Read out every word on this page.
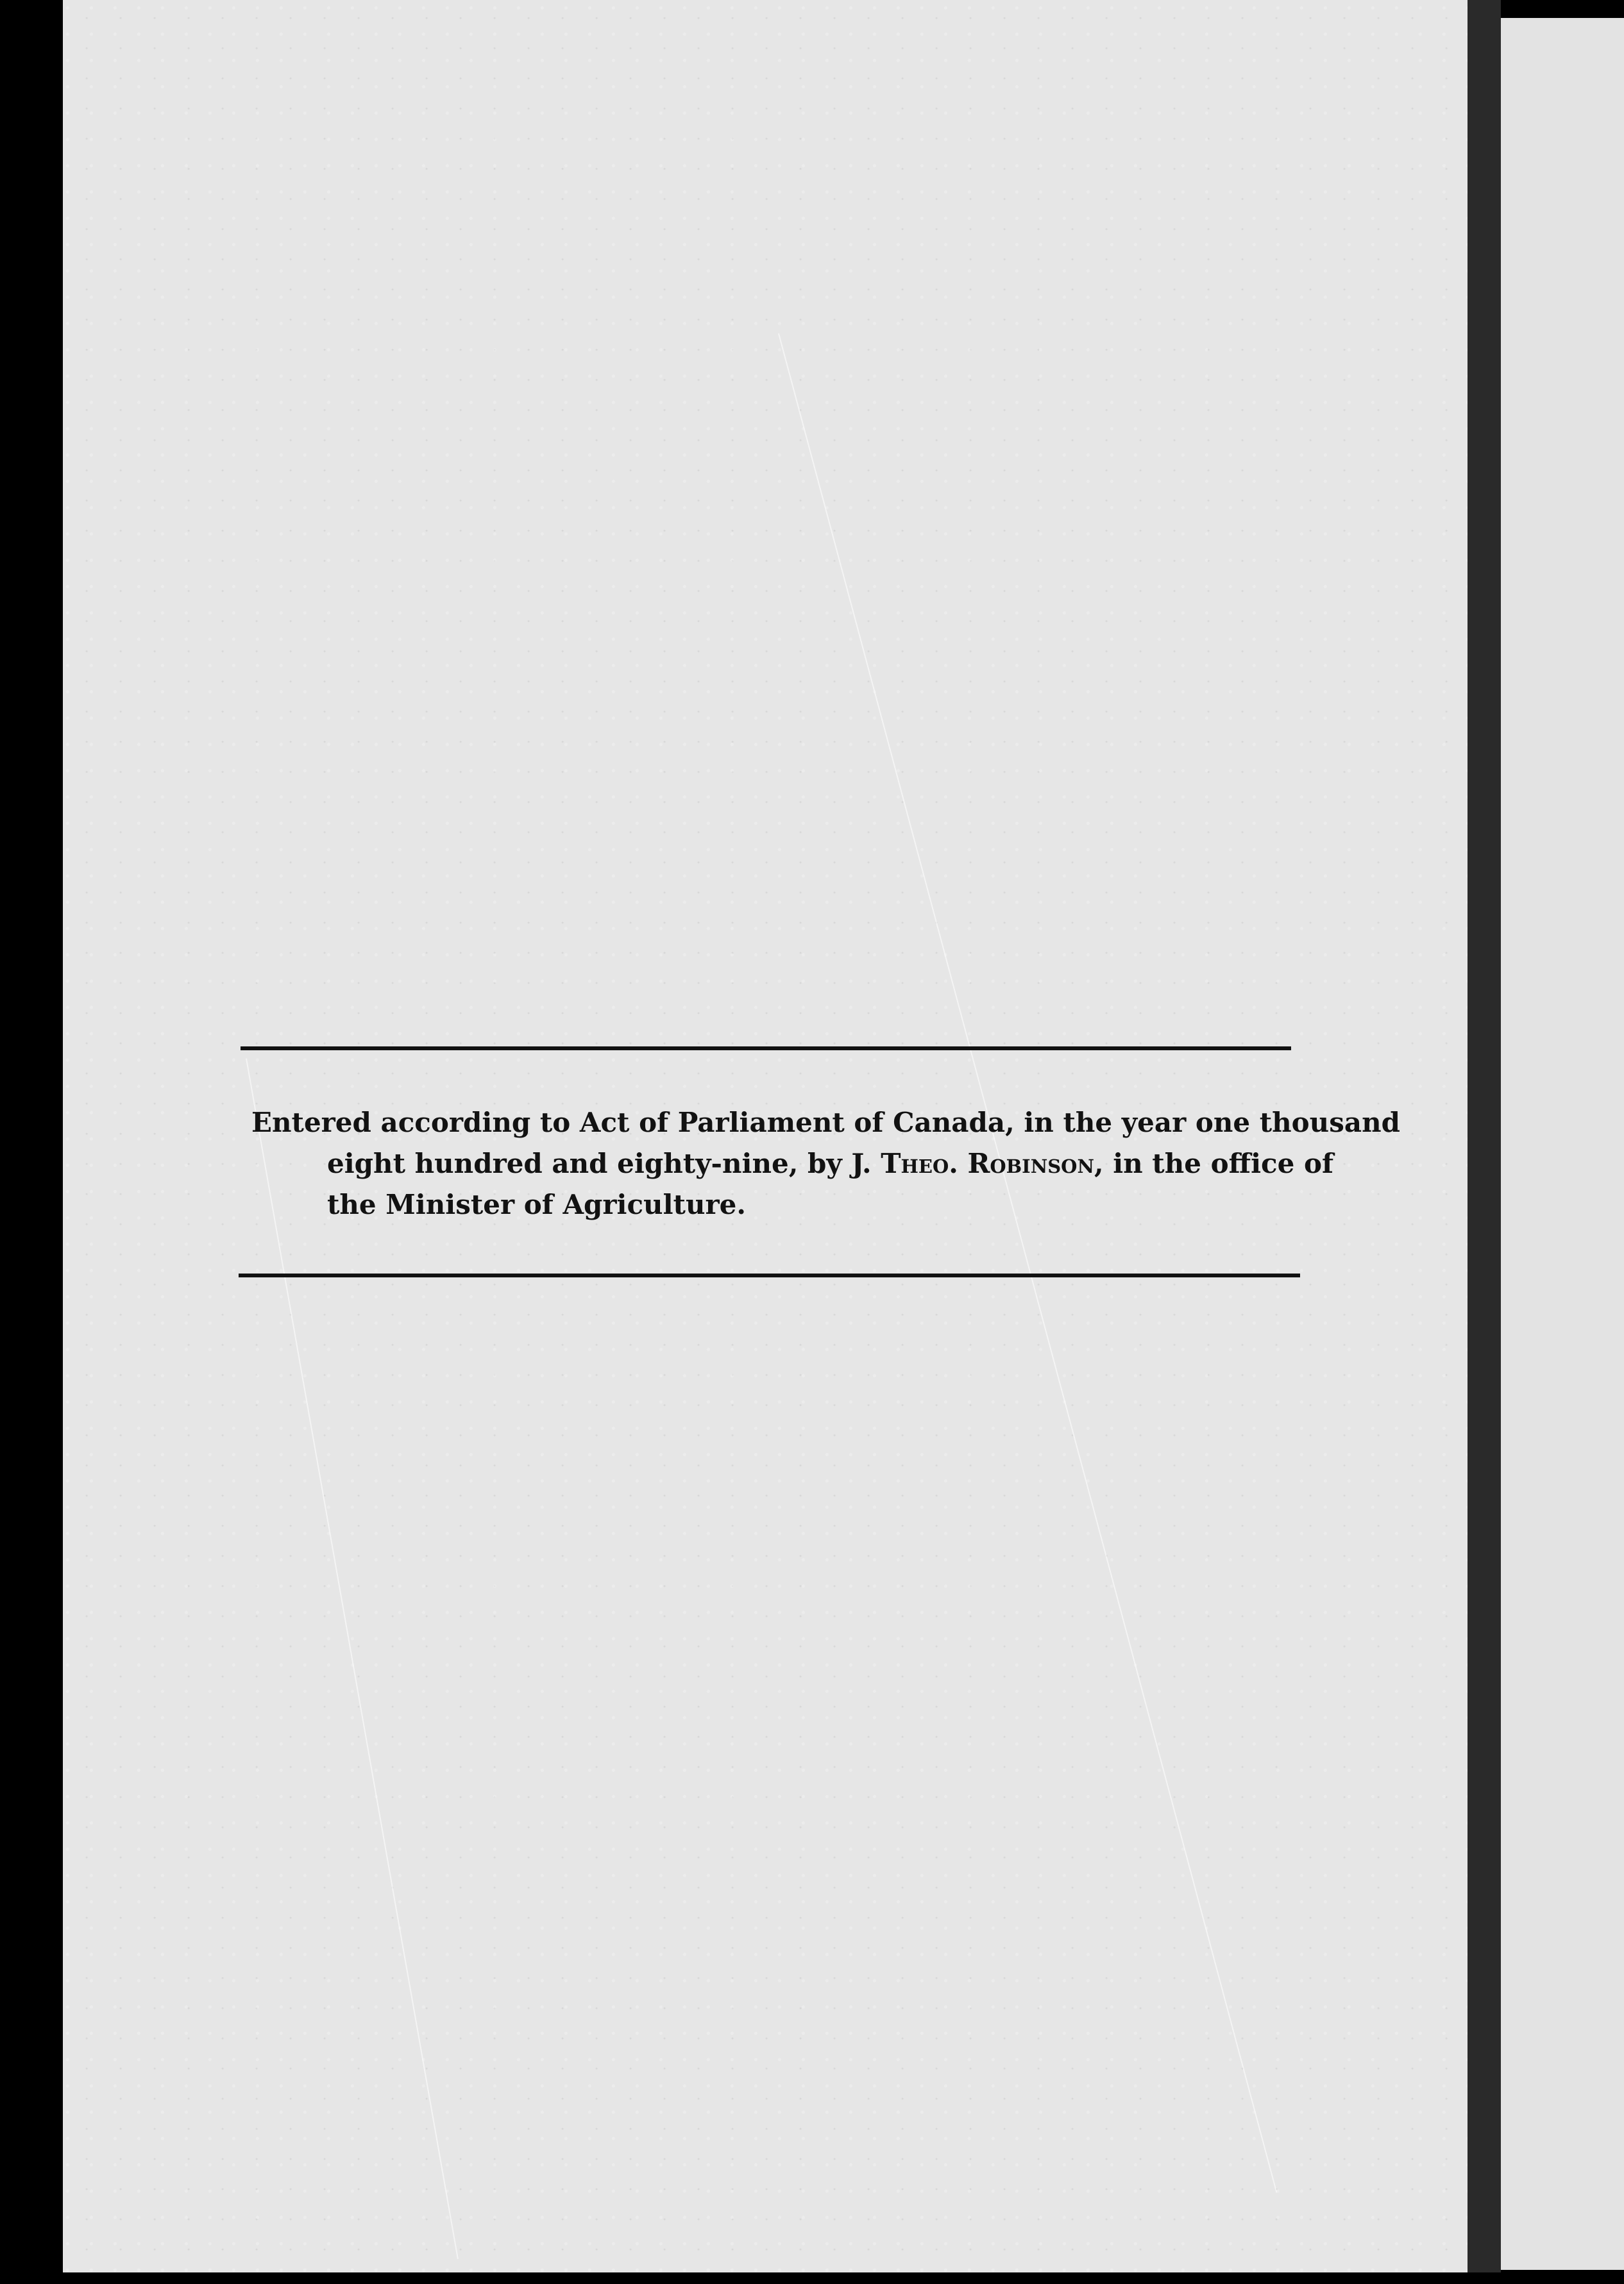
Entered according to Act of Parliament of Canada, in the year one thousand
eight hundred and eighty-nine, by J. Theo. Robinson, in the office of
the Minister of Agriculture.
